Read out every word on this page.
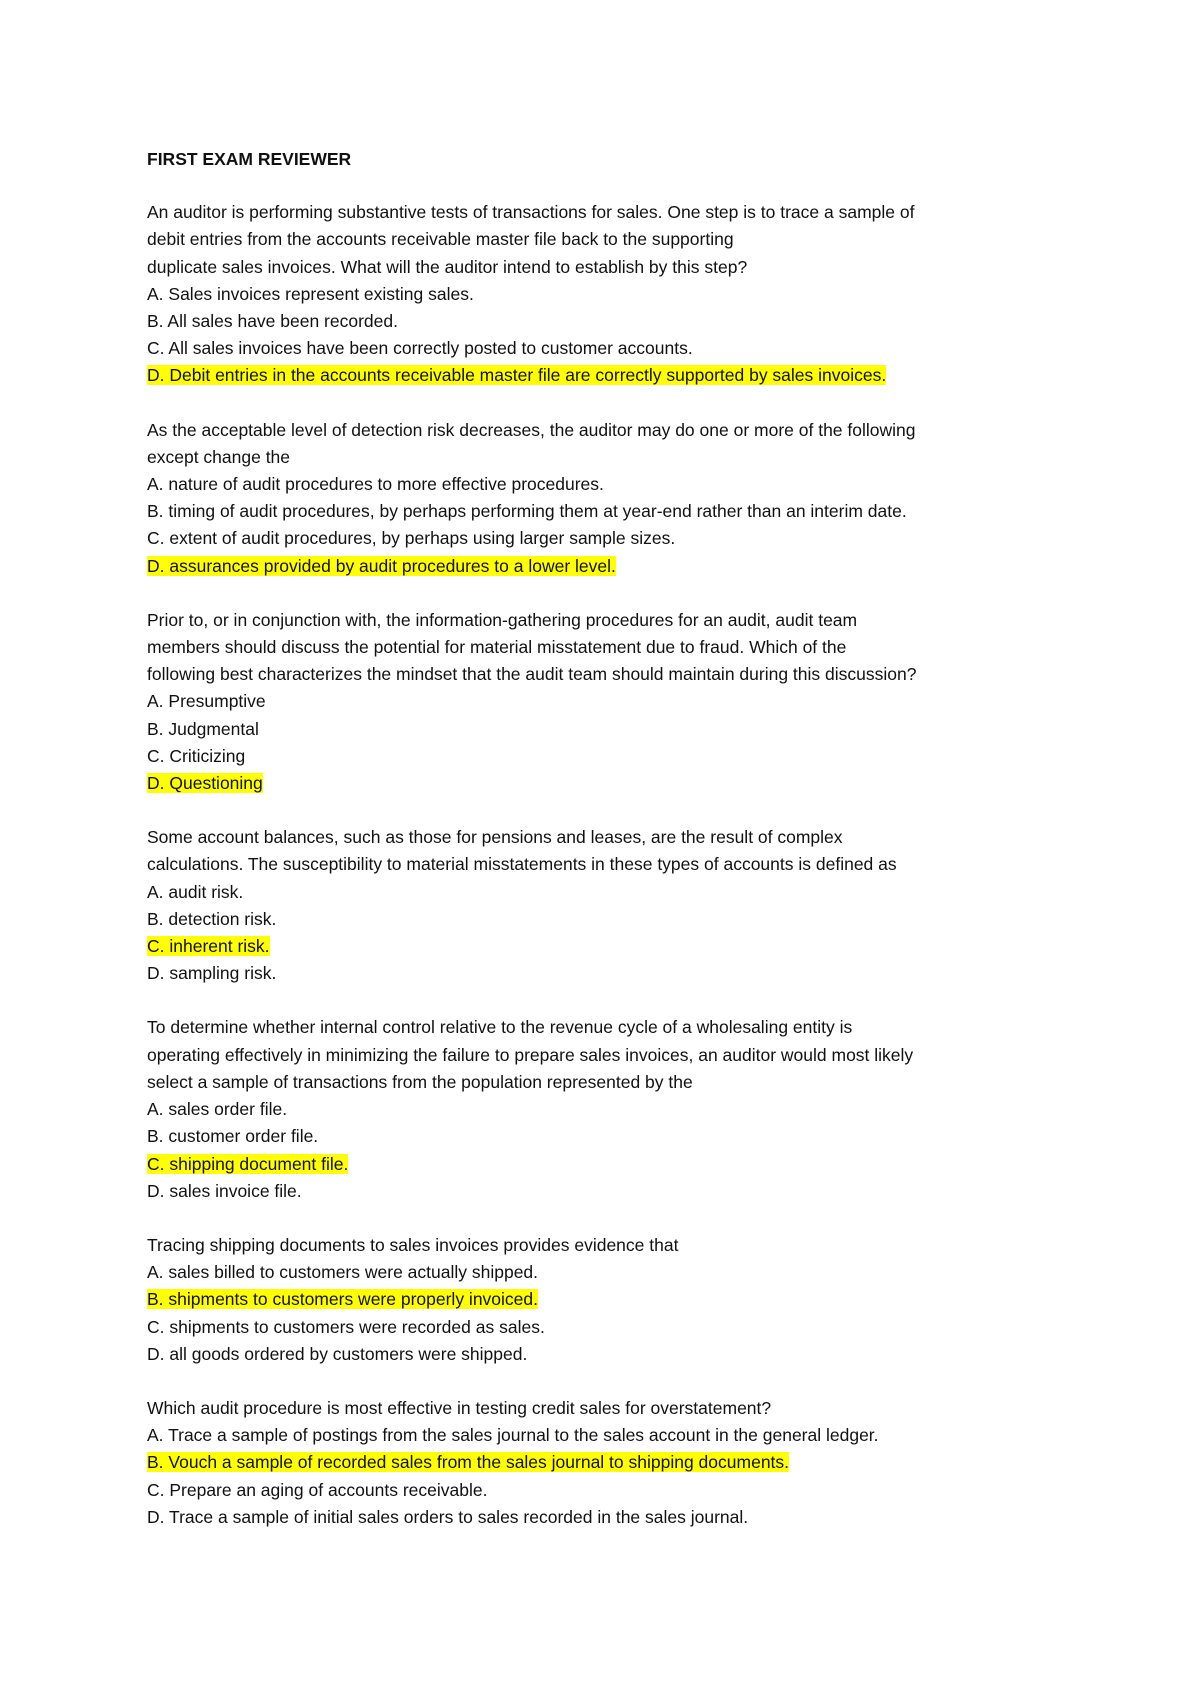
FIRST EXAM REVIEWER
An auditor is performing substantive tests of transactions for sales. One step is to trace a sample of
debit entries from the accounts receivable master file back to the supporting
duplicate sales invoices. What will the auditor intend to establish by this step?
A. Sales invoices represent existing sales.
B. All sales have been recorded.
C. All sales invoices have been correctly posted to customer accounts.
D. Debit entries in the accounts receivable master file are correctly supported by sales invoices.
As the acceptable level of detection risk decreases, the auditor may do one or more of the following
except change the
A. nature of audit procedures to more effective procedures.
B. timing of audit procedures, by perhaps performing them at year-end rather than an interim date.
C. extent of audit procedures, by perhaps using larger sample sizes.
D. assurances provided by audit procedures to a lower level.
Prior to, or in conjunction with, the information-gathering procedures for an audit, audit team
members should discuss the potential for material misstatement due to fraud. Which of the
following best characterizes the mindset that the audit team should maintain during this discussion?
A. Presumptive
B. Judgmental
C. Criticizing
D. Questioning
Some account balances, such as those for pensions and leases, are the result of complex
calculations. The susceptibility to material misstatements in these types of accounts is defined as
A. audit risk.
B. detection risk.
C. inherent risk.
D. sampling risk.
To determine whether internal control relative to the revenue cycle of a wholesaling entity is
operating effectively in minimizing the failure to prepare sales invoices, an auditor would most likely
select a sample of transactions from the population represented by the
A. sales order file.
B. customer order file.
C. shipping document file.
D. sales invoice file.
Tracing shipping documents to sales invoices provides evidence that
A. sales billed to customers were actually shipped.
B. shipments to customers were properly invoiced.
C. shipments to customers were recorded as sales.
D. all goods ordered by customers were shipped.
Which audit procedure is most effective in testing credit sales for overstatement?
A. Trace a sample of postings from the sales journal to the sales account in the general ledger.
B. Vouch a sample of recorded sales from the sales journal to shipping documents.
C. Prepare an aging of accounts receivable.
D. Trace a sample of initial sales orders to sales recorded in the sales journal.
